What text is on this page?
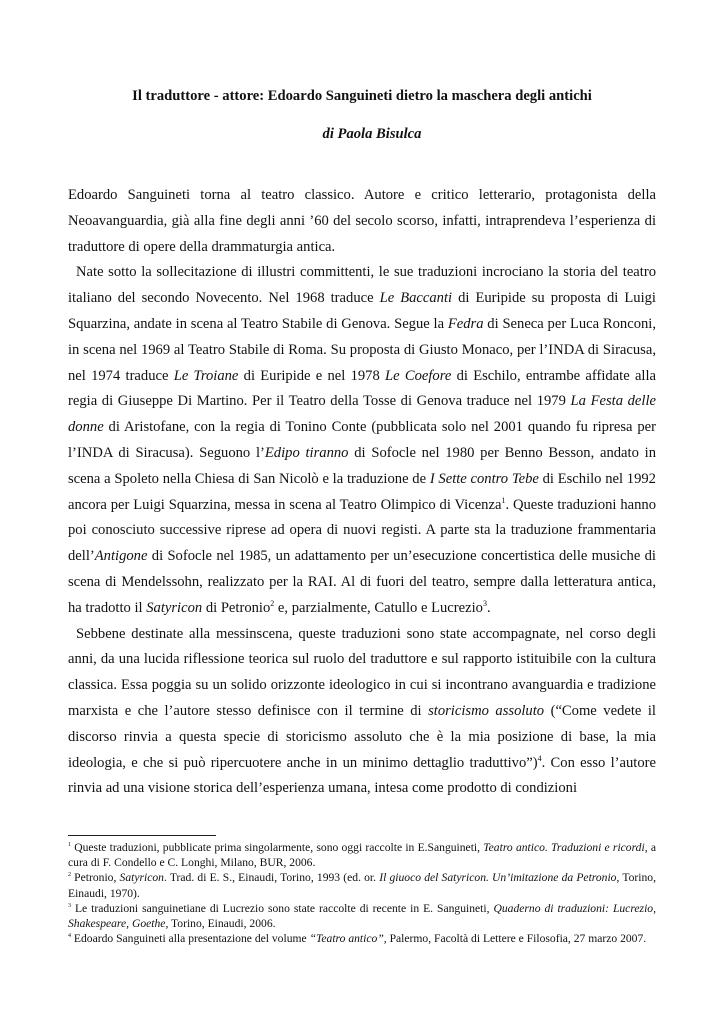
Il traduttore - attore: Edoardo Sanguineti dietro la maschera degli antichi
di Paola Bisulca

Edoardo Sanguineti torna al teatro classico. Autore e critico letterario, protagonista della Neoavanguardia, già alla fine degli anni ’60 del secolo scorso, infatti, intraprendeva l’esperienza di traduttore di opere della drammaturgia antica.

Nate sotto la sollecitazione di illustri committenti, le sue traduzioni incrociano la storia del teatro italiano del secondo Novecento. Nel 1968 traduce Le Baccanti di Euripide su proposta di Luigi Squarzina, andate in scena al Teatro Stabile di Genova. Segue la Fedra di Seneca per Luca Ronconi, in scena nel 1969 al Teatro Stabile di Roma. Su proposta di Giusto Monaco, per l’INDA di Siracusa, nel 1974 traduce Le Troiane di Euripide e nel 1978 Le Coefore di Eschilo, entrambe affidate alla regia di Giuseppe Di Martino. Per il Teatro della Tosse di Genova traduce nel 1979 La Festa delle donne di Aristofane, con la regia di Tonino Conte (pubblicata solo nel 2001 quando fu ripresa per l’INDA di Siracusa). Seguono l’Edipo tiranno di Sofocle nel 1980 per Benno Besson, andato in scena a Spoleto nella Chiesa di San Nicolò e la traduzione de I Sette contro Tebe di Eschilo nel 1992 ancora per Luigi Squarzina, messa in scena al Teatro Olimpico di Vicenza$^1$. Queste traduzioni hanno poi conosciuto successive riprese ad opera di nuovi registi. A parte sta la traduzione frammentaria dell’Antigone di Sofocle nel 1985, un adattamento per un’esecuzione concertistica delle musiche di scena di Mendelssohn, realizzato per la RAI. Al di fuori del teatro, sempre dalla letteratura antica, ha tradotto il Satyricon di Petronio$^2$ e, parzialmente, Catullo e Lucrezio$^3$.

Sebbene destinate alla messinscena, queste traduzioni sono state accompagnate, nel corso degli anni, da una lucida riflessione teorica sul ruolo del traduttore e sul rapporto istituibile con la cultura classica. Essa poggia su un solido orizzonte ideologico in cui si incontrano avanguardia e tradizione marxista e che l’autore stesso definisce con il termine di storicismo assoluto (“Come vedete il discorso rinvia a questa specie di storicismo assoluto che è la mia posizione di base, la mia ideologia, e che si può ripercuotere anche in un minimo dettaglio traduttivo”)$^4$. Con esso l’autore rinvia ad una visione storica dell’esperienza umana, intesa come prodotto di condizioni

$^1$ Queste traduzioni, pubblicate prima singolarmente, sono oggi raccolte in E.Sanguineti, Teatro antico. Traduzioni e ricordi, a cura di F. Condello e C. Longhi, Milano, BUR, 2006.

$^2$ Petronio, Satyricon. Trad. di E. S., Einaudi, Torino, 1993 (ed. or. Il giuoco del Satyricon. Un’imitazione da Petronio, Torino, Einaudi, 1970).

$^3$ Le traduzioni sanguinetiane di Lucrezio sono state raccolte di recente in E. Sanguineti, Quaderno di traduzioni: Lucrezio, Shakespeare, Goethe, Torino, Einaudi, 2006.

$^4$ Edoardo Sanguineti alla presentazione del volume “Teatro antico”, Palermo, Facoltà di Lettere e Filosofia, 27 marzo 2007.
